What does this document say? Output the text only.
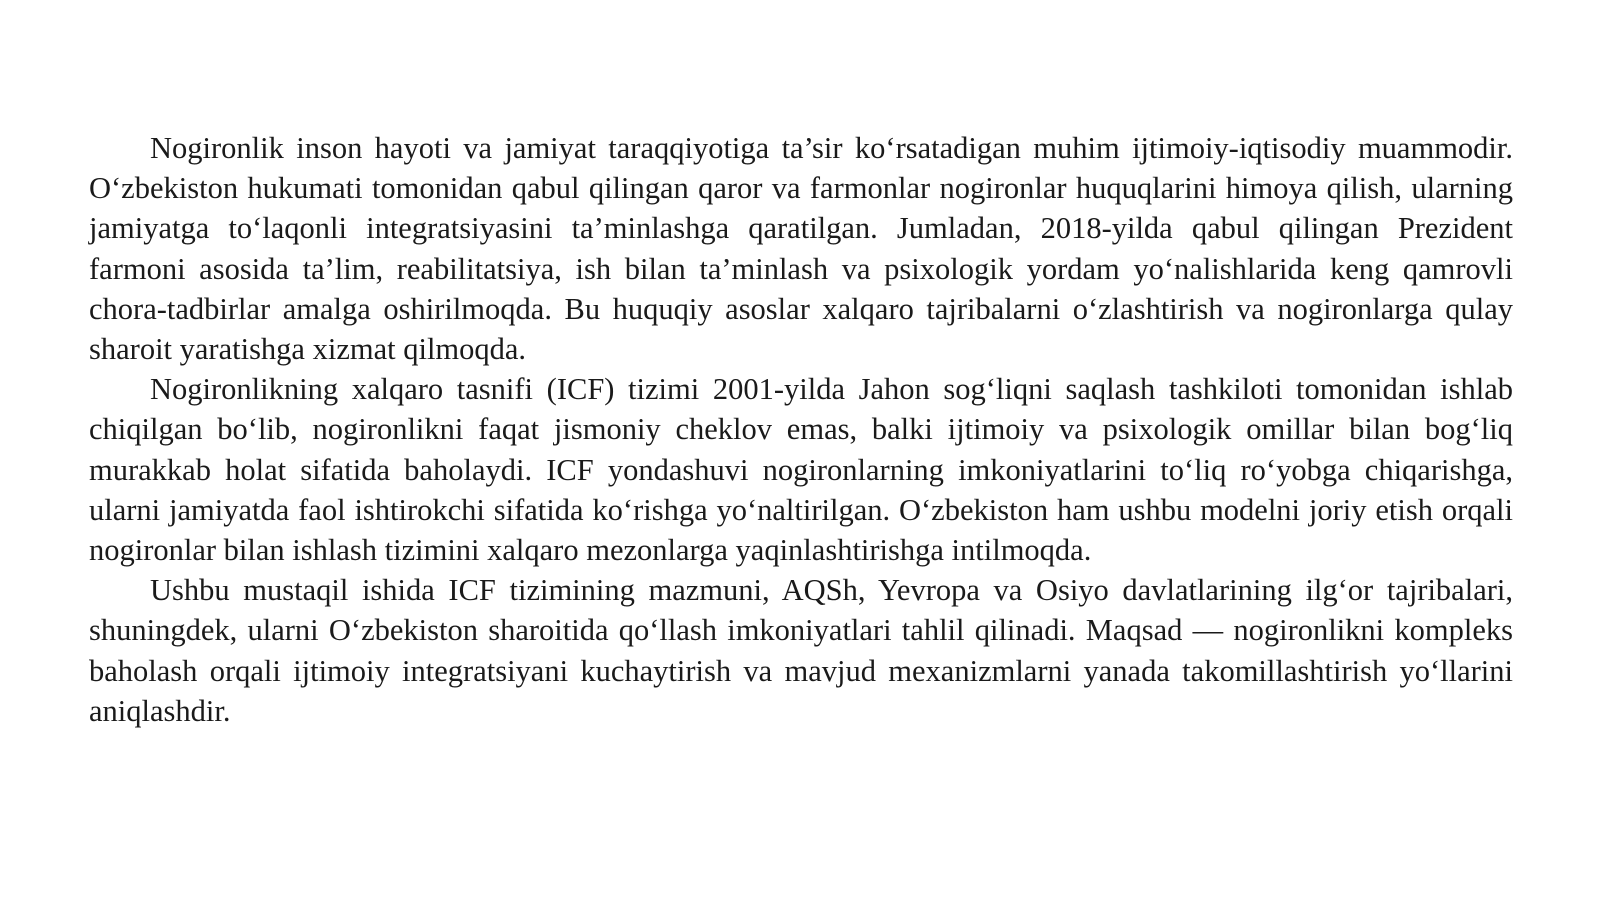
Nogironlik inson hayoti va jamiyat taraqqiyotiga ta’sir ko‘rsatadigan muhim ijtimoiy-iqtisodiy muammodir. O‘zbekiston hukumati tomonidan qabul qilingan qaror va farmonlar nogironlar huquqlarini himoya qilish, ularning jamiyatga to‘laqonli integratsiyasini ta’minlashga qaratilgan. Jumladan, 2018-yilda qabul qilingan Prezident farmoni asosida ta’lim, reabilitatsiya, ish bilan ta’minlash va psixologik yordam yo‘nalishlarida keng qamrovli chora-tadbirlar amalga oshirilmoqda. Bu huquqiy asoslar xalqaro tajribalarni o‘zlashtirish va nogironlarga qulay sharoit yaratishga xizmat qilmoqda.

Nogironlikning xalqaro tasnifi (ICF) tizimi 2001-yilda Jahon sog‘liqni saqlash tashkiloti tomonidan ishlab chiqilgan bo‘lib, nogironlikni faqat jismoniy cheklov emas, balki ijtimoiy va psixologik omillar bilan bog‘liq murakkab holat sifatida baholaydi. ICF yondashuvi nogironlarning imkoniyatlarini to‘liq ro‘yobga chiqarishga, ularni jamiyatda faol ishtirokchi sifatida ko‘rishga yo‘naltirilgan. O‘zbekiston ham ushbu modelni joriy etish orqali nogironlar bilan ishlash tizimini xalqaro mezonlarga yaqinlashtirishga intilmoqda.

Ushbu mustaqil ishida ICF tizimining mazmuni, AQSh, Yevropa va Osiyo davlatlarining ilg‘or tajribalari, shuningdek, ularni O‘zbekiston sharoitida qo‘llash imkoniyatlari tahlil qilinadi. Maqsad — nogironlikni kompleks baholash orqali ijtimoiy integratsiyani kuchaytirish va mavjud mexanizmlarni yanada takomillashtirish yo‘llarini aniqlashdir.
